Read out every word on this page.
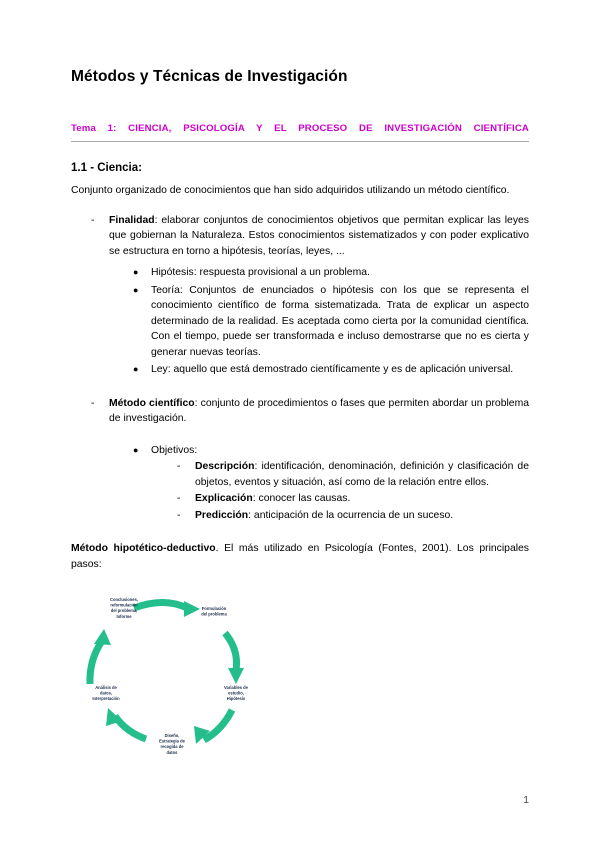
Métodos y Técnicas de Investigación
Tema 1: CIENCIA, PSICOLOGÍA Y EL PROCESO DE INVESTIGACIÓN CIENTÍFICA
1.1 - Ciencia:

Conjunto organizado de conocimientos que han sido adquiridos utilizando un método científico.

- Finalidad: elaborar conjuntos de conocimientos objetivos que permitan explicar las leyes que gobiernan la Naturaleza. Estos conocimientos sistematizados y con poder explicativo se estructura en torno a hipótesis, teorías, leyes, ...
● Hipótesis: respuesta provisional a un problema.
● Teoría: Conjuntos de enunciados o hipótesis con los que se representa el conocimiento científico de forma sistematizada. Trata de explicar un aspecto determinado de la realidad. Es aceptada como cierta por la comunidad científica. Con el tiempo, puede ser transformada e incluso demostrarse que no es cierta y generar nuevas teorías.
● Ley: aquello que está demostrado científicamente y es de aplicación universal.
- Método científico: conjunto de procedimientos o fases que permiten abordar un problema de investigación.
● Objetivos:
- Descripción: identificación, denominación, definición y clasificación de objetos, eventos y situación, así como de la relación entre ellos.
- Explicación: conocer las causas.
- Predicción: anticipación de la ocurrencia de un suceso.

Método hipotético-deductivo. El más utilizado en Psicología (Fontes, 2001). Los principales pasos:

Conclusiones,
reformulación
del problema,
Informe
Formulación
del problema
Variables de
estudio,
Hipótesis
Diseño,
Estrategia de
recogida de
datos
Análisis de
datos,
Interpretación
1
